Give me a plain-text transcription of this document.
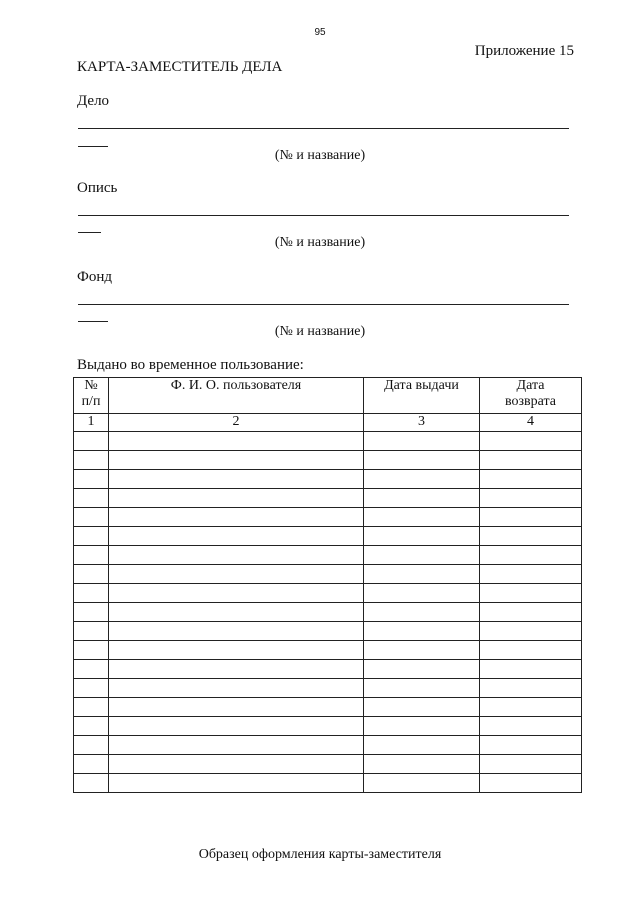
95
Приложение 15
КАРТА-ЗАМЕСТИТЕЛЬ ДЕЛА
Дело
(№ и название)
Опись
(№ и название)
Фонд
(№ и название)
Выдано во временное пользование:
№ п/п	Ф. И. О. пользователя	Дата выдачи	Дата возврата
1	2	3	4

Образец оформления карты-заместителя
